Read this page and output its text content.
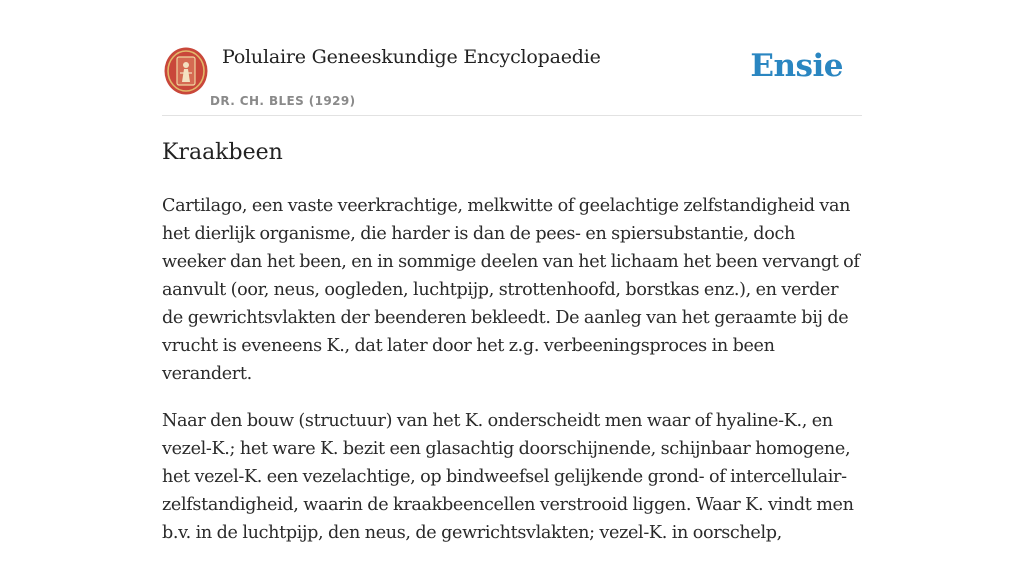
Polulaire Geneeskundige Encyclopaedie
DR. CH. BLES (1929)
Ensie
Kraakbeen

Cartilago, een vaste veerkrachtige, melkwitte of geelachtige zelfstandigheid van het dierlijk organisme, die harder is dan de pees- en spiersubstantie, doch weeker dan het been, en in sommige deelen van het lichaam het been vervangt of aanvult (oor, neus, oogleden, luchtpijp, strottenhoofd, borstkas enz.), en verder de gewrichtsvlakten der beenderen bekleedt. De aanleg van het geraamte bij de vrucht is eveneens K., dat later door het z.g. verbeeningsproces in been verandert.

Naar den bouw (structuur) van het K. onderscheidt men waar of hyaline-K., en vezel-K.; het ware K. bezit een glasachtig doorschijnende, schijnbaar homogene, het vezel-K. een vezelachtige, op bindweefsel gelijkende grond- of intercellulair-zelfstandigheid, waarin de kraakbeencellen verstrooid liggen. Waar K. vindt men b.v. in de luchtpijp, den neus, de gewrichtsvlakten; vezel-K. in oorschelp,
